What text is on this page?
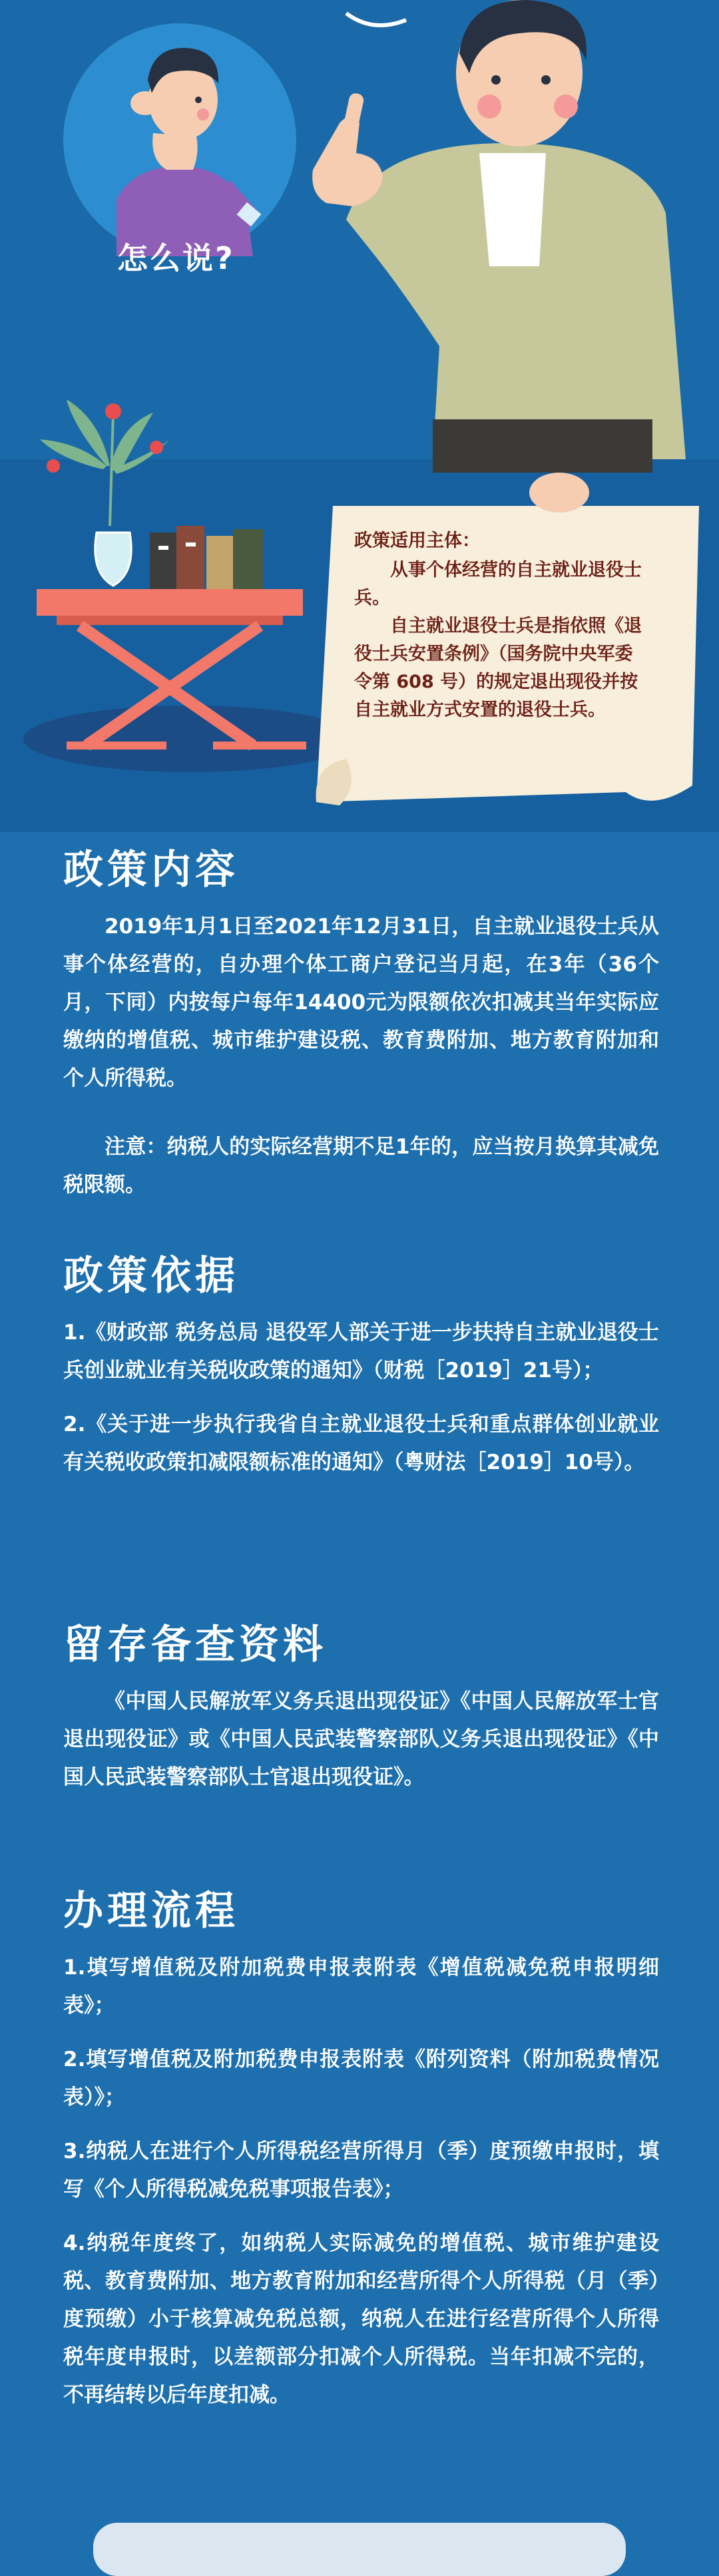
怎么说?

政策适用主体：

从事个体经营的自主就业退役士兵。

自主就业退役士兵是指依照《退役士兵安置条例》（国务院中央军委令第 608 号）的规定退出现役并按自主就业方式安置的退役士兵。

政策内容

2019年1月1日至2021年12月31日，自主就业退役士兵从事个体经营的，自办理个体工商户登记当月起，在3年（36个月，下同）内按每户每年14400元为限额依次扣减其当年实际应缴纳的增值税、城市维护建设税、教育费附加、地方教育附加和个人所得税。

注意：纳税人的实际经营期不足1年的，应当按月换算其减免税限额。

政策依据

1.《财政部 税务总局 退役军人部关于进一步扶持自主就业退役士兵创业就业有关税收政策的通知》（财税［2019］21号）；

2.《关于进一步执行我省自主就业退役士兵和重点群体创业就业有关税收政策扣减限额标准的通知》（粤财法［2019］10号）。

留存备查资料

《中国人民解放军义务兵退出现役证》《中国人民解放军士官退出现役证》或《中国人民武装警察部队义务兵退出现役证》《中国人民武装警察部队士官退出现役证》。

办理流程

1.填写增值税及附加税费申报表附表《增值税减免税申报明细表》；

2.填写增值税及附加税费申报表附表《附列资料（附加税费情况表）》；

3.纳税人在进行个人所得税经营所得月（季）度预缴申报时，填写《个人所得税减免税事项报告表》；

4.纳税年度终了，如纳税人实际减免的增值税、城市维护建设税、教育费附加、地方教育附加和经营所得个人所得税（月（季）度预缴）小于核算减免税总额，纳税人在进行经营所得个人所得税年度申报时，以差额部分扣减个人所得税。当年扣减不完的，不再结转以后年度扣减。
